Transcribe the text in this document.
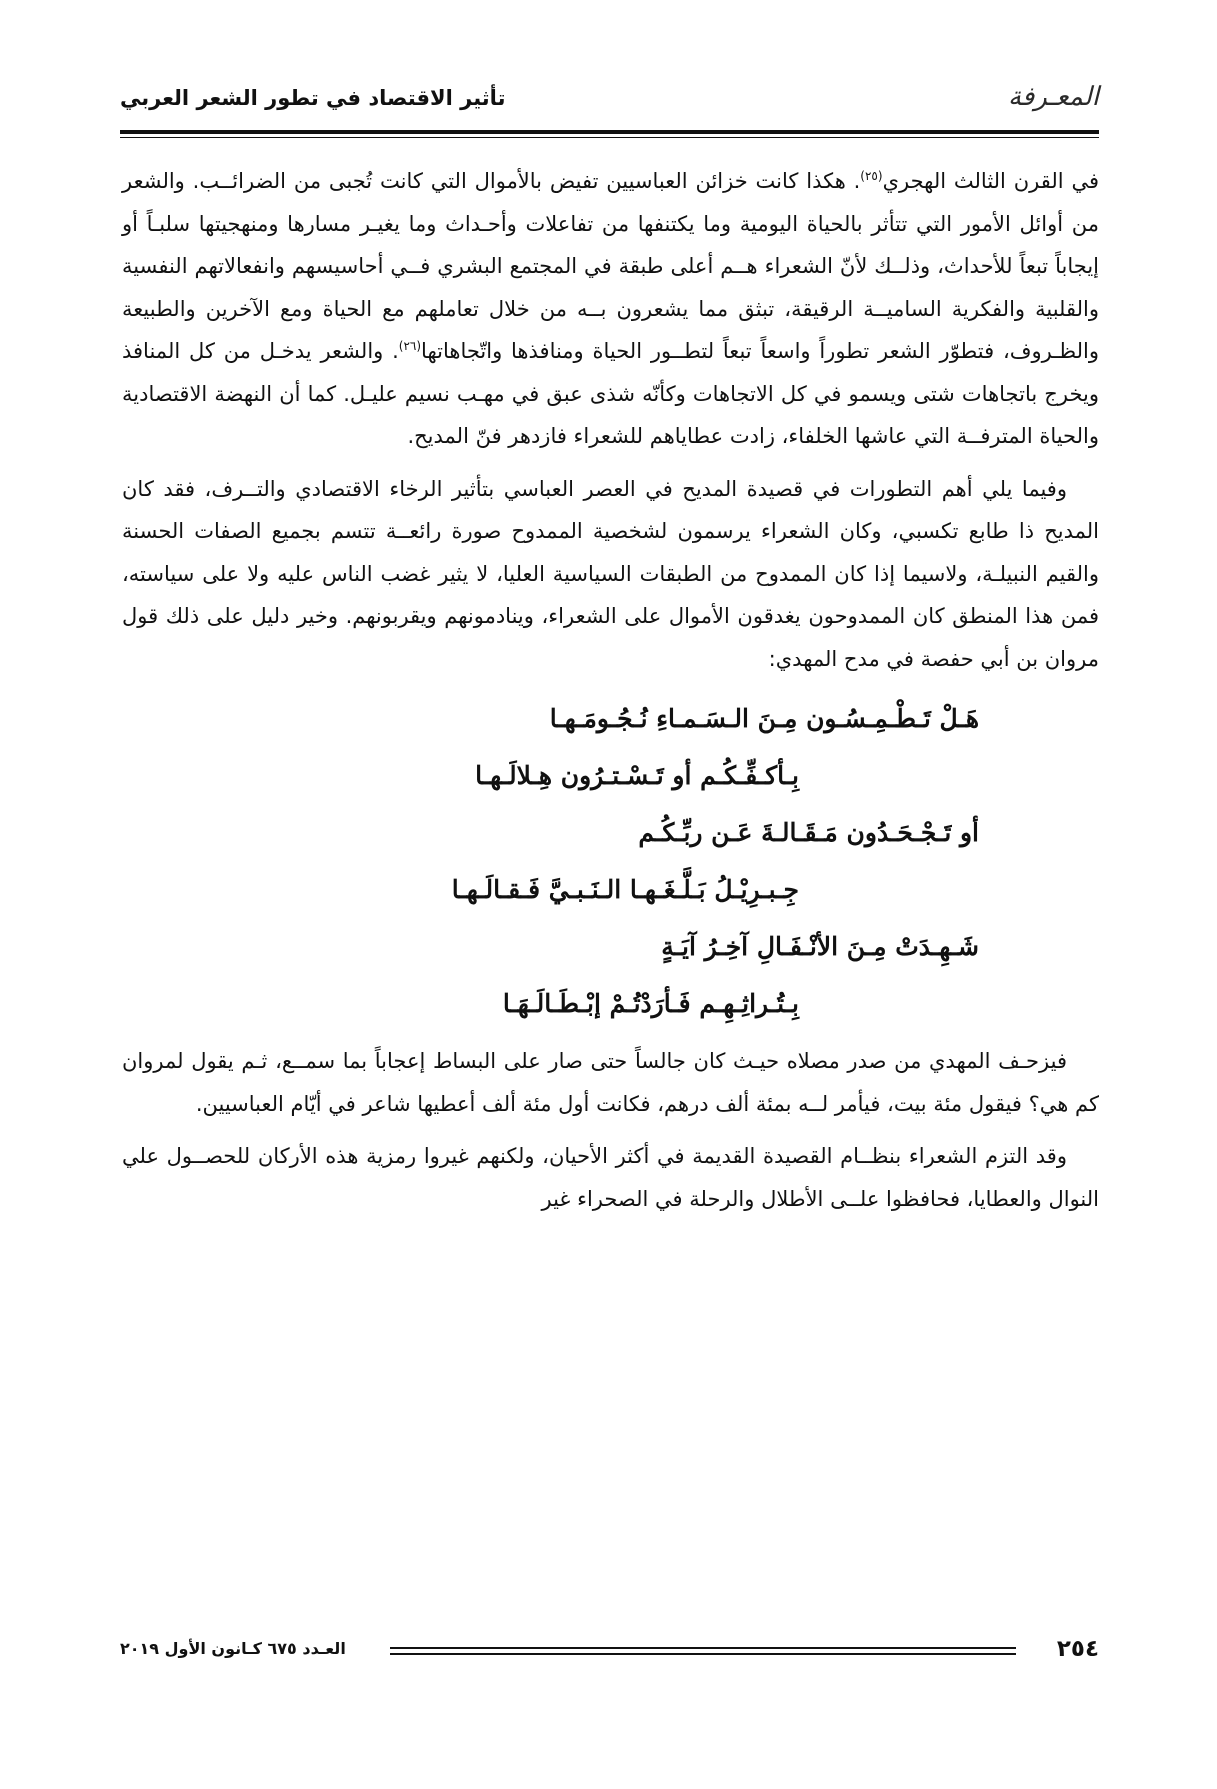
المعـرفة
تأثير الاقتصاد في تطور الشعر العربي

في القرن الثالث الهجري$^{(٢٥)}$. هكذا كانت خزائن العباسيين تفيض بالأموال التي كانت تُجبى من الضرائــب. والشعر من أوائل الأمور التي تتأثر بالحياة اليومية وما يكتنفها من تفاعلات وأحـداث وما يغيـر مسارها ومنهجيتها سلبـاً أو إيجاباً تبعاً للأحداث، وذلــك لأنّ الشعراء هــم أعلى طبقة في المجتمع البشري فــي أحاسيسهم وانفعالاتهم النفسية والقلبية والفكرية الساميــة الرقيقة، تبثق مما يشعرون بــه من خلال تعاملهم مع الحياة ومع الآخرين والطبيعة والظـروف، فتطوّر الشعر تطوراً واسعاً تبعاً لتطــور الحياة ومنافذها واتّجاهاتها$^{(٢٦)}$. والشعر يدخـل من كل المنافذ ويخرج باتجاهات شتى ويسمو في كل الاتجاهات وكأنّه شذى عبق في مهـب نسيم عليـل. كما أن النهضة الاقتصادية والحياة المترفــة التي عاشها الخلفاء، زادت عطاياهم للشعراء فازدهر فنّ المديح.

وفيما يلي أهم التطورات في قصيدة المديح في العصر العباسي بتأثير الرخاء الاقتصادي والتــرف، فقد كان المديح ذا طابع تكسبي، وكان الشعراء يرسمون لشخصية الممدوح صورة رائعــة تتسم بجميع الصفات الحسنة والقيم النبيلـة، ولاسيما إذا كان الممدوح من الطبقات السياسية العليا، لا يثير غضب الناس عليه ولا على سياسته، فمن هذا المنطق كان الممدوحون يغدقون الأموال على الشعراء، وينادمونهم ويقربونهم. وخير دليل على ذلك قول مروان بن أبي حفصة في مدح المهدي:

هَـلْ تَـطْـمِـسُـون مِـنَ الـسَـمـاءِ نُـجُـومَـهـا
بِـأكـفِّـكُـم أو تَـسْـتـرُون هِـلالَـهـا
أو تَـجْـحَـدُون مَـقَـالـةَ عَـن ربِّـكُـم
جِـبـرِيْـلُ بَـلَّـغَـهـا الـنَـبـيَّ فَـقـالَـهـا
شَـهِـدَتْ مِـنَ الأنْـفَـالِ آخِـرُ آيَـةٍ
بِـتُـراثِـهِـم فَـأرَدْتُـمْ إبْـطَـالَـهَـا

فيزحـف المهدي من صدر مصلاه حيـث كان جالساً حتى صار على البساط إعجاباً بما سمــع، ثـم يقول لمروان كم هي؟ فيقول مئة بيت، فيأمر لــه بمئة ألف درهم، فكانت أول مئة ألف أعطيها شاعر في أيّام العباسيين.

وقد التزم الشعراء بنظــام القصيدة القديمة في أكثر الأحيان، ولكنهم غيروا رمزية هذه الأركان للحصــول علي النوال والعطايا، فحافظوا علــى الأطلال والرحلة في الصحراء غير

٢٥٤
العـدد ٦٧٥ كـانون الأول ٢٠١٩
